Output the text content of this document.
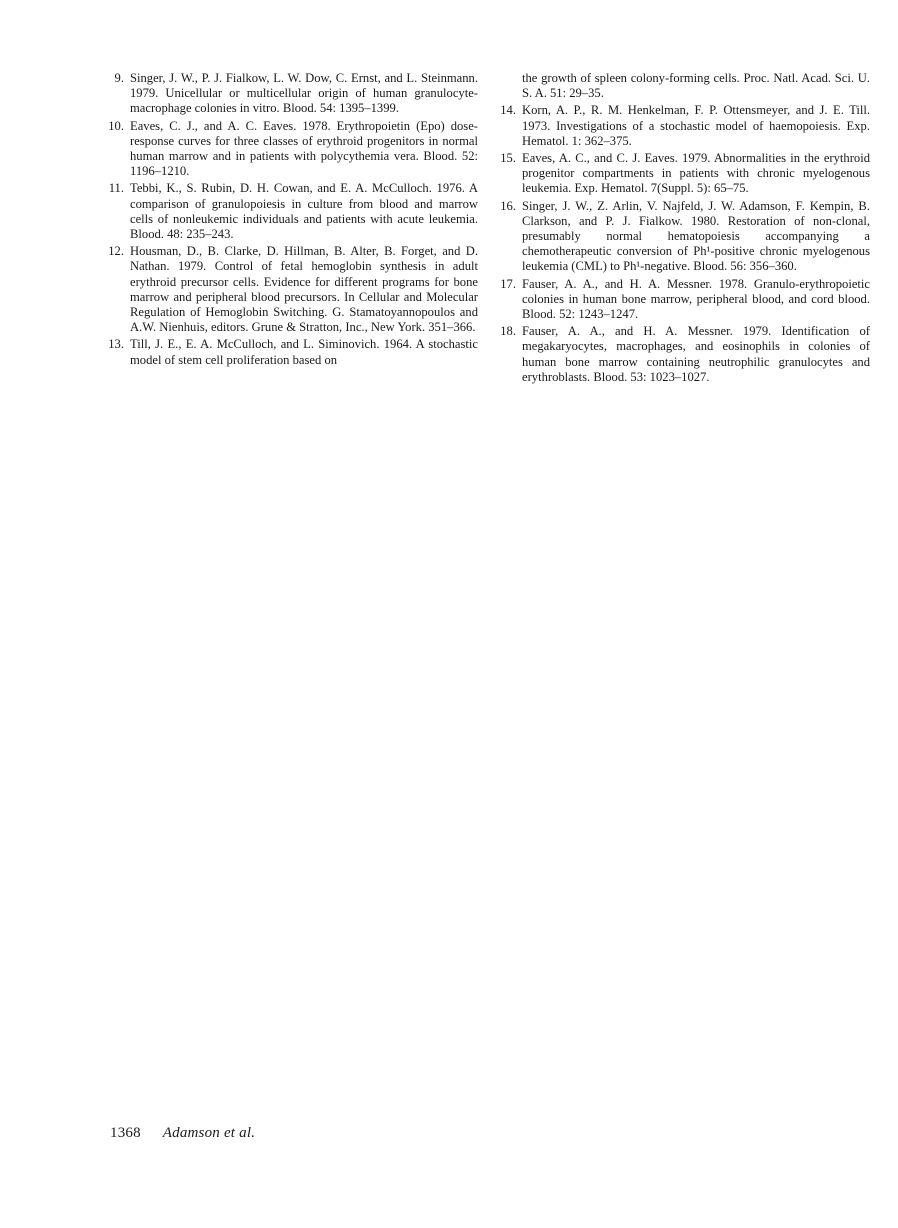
9. Singer, J. W., P. J. Fialkow, L. W. Dow, C. Ernst, and L. Steinmann. 1979. Unicellular or multicellular origin of human granulocyte-macrophage colonies in vitro. Blood. 54: 1395–1399.
10. Eaves, C. J., and A. C. Eaves. 1978. Erythropoietin (Epo) dose-response curves for three classes of erythroid progenitors in normal human marrow and in patients with polycythemia vera. Blood. 52: 1196–1210.
11. Tebbi, K., S. Rubin, D. H. Cowan, and E. A. McCulloch. 1976. A comparison of granulopoiesis in culture from blood and marrow cells of nonleukemic individuals and patients with acute leukemia. Blood. 48: 235–243.
12. Housman, D., B. Clarke, D. Hillman, B. Alter, B. Forget, and D. Nathan. 1979. Control of fetal hemoglobin synthesis in adult erythroid precursor cells. Evidence for different programs for bone marrow and peripheral blood precursors. In Cellular and Molecular Regulation of Hemoglobin Switching. G. Stamatoyannopoulos and A.W. Nienhuis, editors. Grune & Stratton, Inc., New York. 351–366.
13. Till, J. E., E. A. McCulloch, and L. Siminovich. 1964. A stochastic model of stem cell proliferation based on
the growth of spleen colony-forming cells. Proc. Natl. Acad. Sci. U. S. A. 51: 29–35.
14. Korn, A. P., R. M. Henkelman, F. P. Ottensmeyer, and J. E. Till. 1973. Investigations of a stochastic model of haemopoiesis. Exp. Hematol. 1: 362–375.
15. Eaves, A. C., and C. J. Eaves. 1979. Abnormalities in the erythroid progenitor compartments in patients with chronic myelogenous leukemia. Exp. Hematol. 7(Suppl. 5): 65–75.
16. Singer, J. W., Z. Arlin, V. Najfeld, J. W. Adamson, F. Kempin, B. Clarkson, and P. J. Fialkow. 1980. Restoration of non-clonal, presumably normal hematopoiesis accompanying a chemotherapeutic conversion of Ph¹-positive chronic myelogenous leukemia (CML) to Ph¹-negative. Blood. 56: 356–360.
17. Fauser, A. A., and H. A. Messner. 1978. Granulo-erythropoietic colonies in human bone marrow, peripheral blood, and cord blood. Blood. 52: 1243–1247.
18. Fauser, A. A., and H. A. Messner. 1979. Identification of megakaryocytes, macrophages, and eosinophils in colonies of human bone marrow containing neutrophilic granulocytes and erythroblasts. Blood. 53: 1023–1027.
1368 Adamson et al.
